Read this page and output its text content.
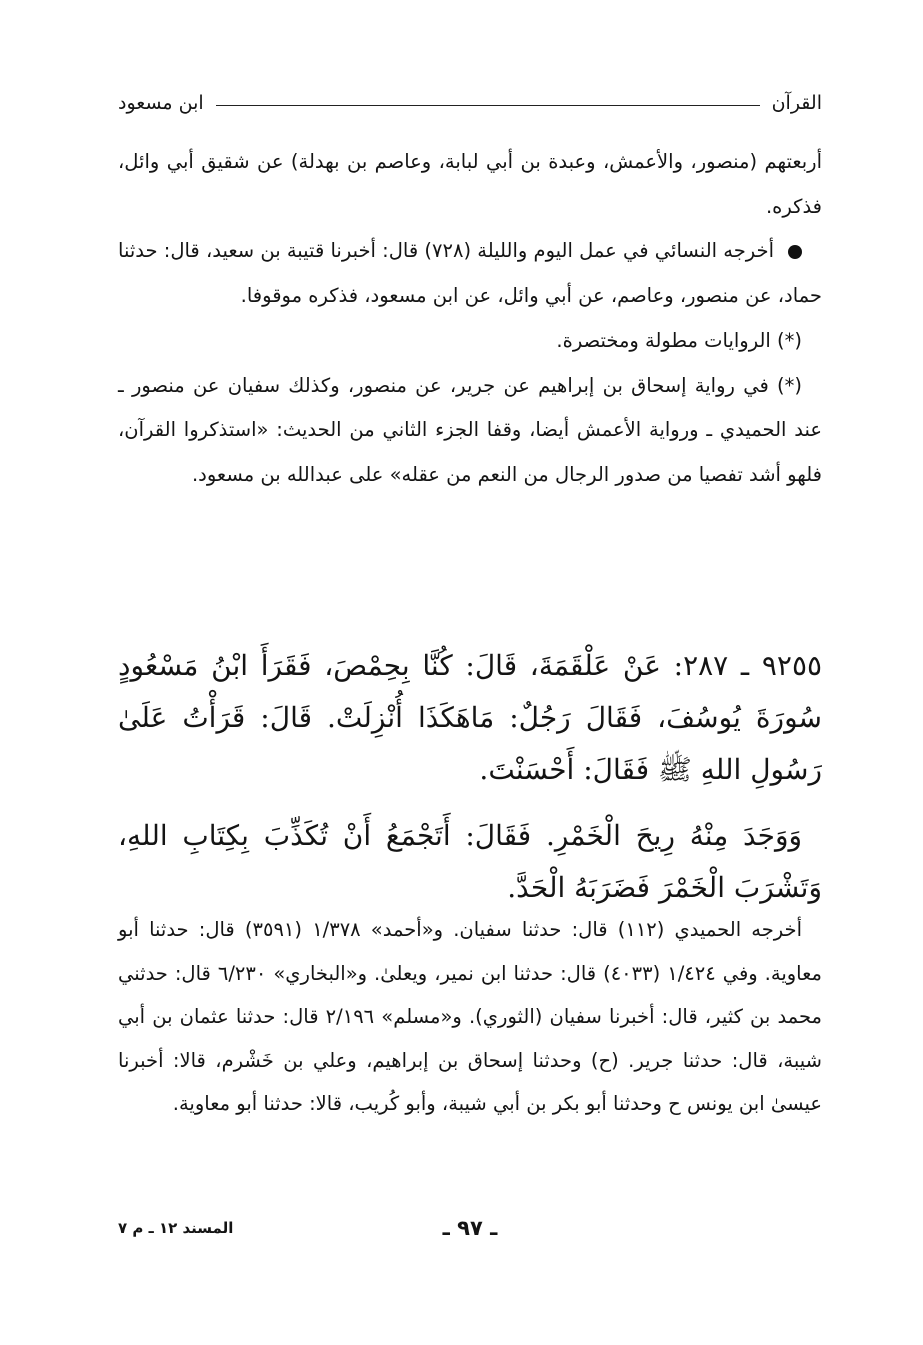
القرآن
ابن مسعود

أربعتهم (منصور، والأعمش، وعبدة بن أبي لبابة، وعاصم بن بهدلة) عن شقيق أبي وائل، فذكره.

أخرجه النسائي في عمل اليوم والليلة (٧٢٨) قال: أخبرنا قتيبة بن سعيد، قال: حدثنا حماد، عن منصور، وعاصم، عن أبي وائل، عن ابن مسعود، فذكره موقوفا.

(*) الروايات مطولة ومختصرة.

(*) في رواية إسحاق بن إبراهيم عن جرير، عن منصور، وكذلك سفيان عن منصور ـ عند الحميدي ـ ورواية الأعمش أيضا، وقفا الجزء الثاني من الحديث: «استذكروا القرآن، فلهو أشد تفصيا من صدور الرجال من النعم من عقله» على عبدالله بن مسعود.

٩٢٥٥ ـ ٢٨٧: عَنْ عَلْقَمَةَ، قَالَ: كُنَّا بِحِمْصَ، فَقَرَأَ ابْنُ مَسْعُودٍ سُورَةَ يُوسُفَ، فَقَالَ رَجُلٌ: مَاهَكَذَا أُنْزِلَتْ. قَالَ: قَرَأْتُ عَلَىٰ رَسُولِ اللهِ ﷺ فَقَالَ: أَحْسَنْتَ.

وَوَجَدَ مِنْهُ رِيحَ الْخَمْرِ. فَقَالَ: أَتَجْمَعُ أَنْ تُكَذِّبَ بِكِتَابِ اللهِ، وَتَشْرَبَ الْخَمْرَ فَضَرَبَهُ الْحَدَّ.

أخرجه الحميدي (١١٢) قال: حدثنا سفيان. و«أحمد» ١/٣٧٨ (٣٥٩١) قال: حدثنا أبو معاوية. وفي ١/٤٢٤ (٤٠٣٣) قال: حدثنا ابن نمير، ويعلىٰ. و«البخاري» ٦/٢٣٠ قال: حدثني محمد بن كثير، قال: أخبرنا سفيان (الثوري). و«مسلم» ٢/١٩٦ قال: حدثنا عثمان بن أبي شيبة، قال: حدثنا جرير. (ح) وحدثنا إسحاق بن إبراهيم، وعلي بن خَشْرم، قالا: أخبرنا عيسىٰ ابن يونس ح وحدثنا أبو بكر بن أبي شيبة، وأبو كُريب، قالا: حدثنا أبو معاوية.

ـ ٩٧ ـ
المسند ١٢ ـ م ٧
